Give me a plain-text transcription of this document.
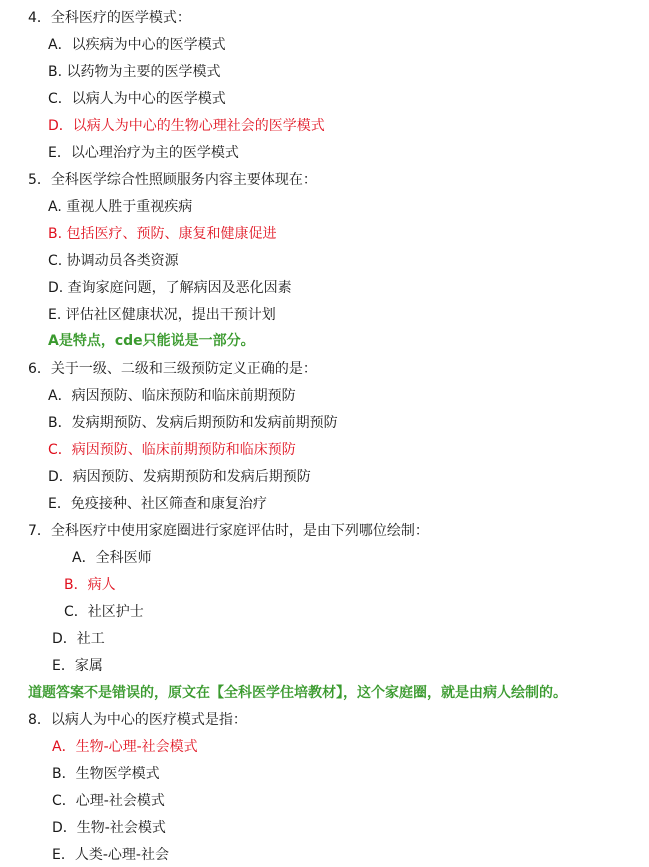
4．全科医疗的医学模式：
A．以疾病为中心的医学模式
B. 以药物为主要的医学模式
C．以病人为中心的医学模式
D．以病人为中心的生物心理社会的医学模式
E．以心理治疗为主的医学模式
5．全科医学综合性照顾服务内容主要体现在：
A. 重视人胜于重视疾病
B. 包括医疗、预防、康复和健康促进
C. 协调动员各类资源
D. 查询家庭问题，了解病因及恶化因素
E. 评估社区健康状况，提出干预计划
A是特点，cde只能说是一部分。
6．关于一级、二级和三级预防定义正确的是：
A．病因预防、临床预防和临床前期预防
B．发病期预防、发病后期预防和发病前期预防
C．病因预防、临床前期预防和临床预防
D．病因预防、发病期预防和发病后期预防
E．免疫接种、社区筛查和康复治疗
7．全科医疗中使用家庭圈进行家庭评估时，是由下列哪位绘制：
A．全科医师
B．病人
C．社区护士
D．社工
E．家属
道题答案不是错误的，原文在【全科医学住培教材】，这个家庭圈，就是由病人绘制的。
8．以病人为中心的医疗模式是指：
A．生物-心理-社会模式
B．生物医学模式
C．心理-社会模式
D．生物-社会模式
E．人类-心理-社会
